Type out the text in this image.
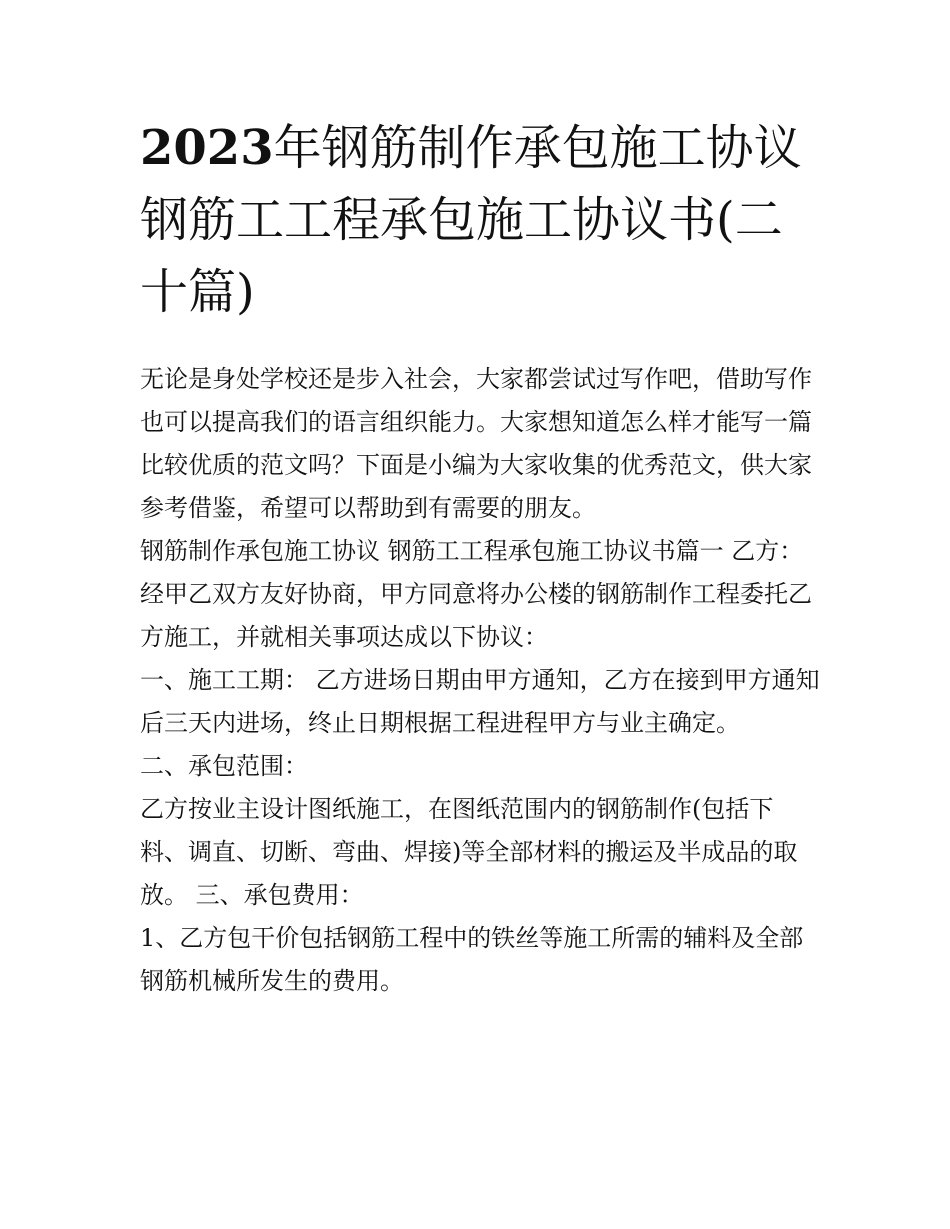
2023年钢筋制作承包施工协议钢筋工工程承包施工协议书(二十篇)

无论是身处学校还是步入社会，大家都尝试过写作吧，借助写作也可以提高我们的语言组织能力。大家想知道怎么样才能写一篇比较优质的范文吗？下面是小编为大家收集的优秀范文，供大家参考借鉴，希望可以帮助到有需要的朋友。

钢筋制作承包施工协议 钢筋工工程承包施工协议书篇一 乙方： 经甲乙双方友好协商，甲方同意将办公楼的钢筋制作工程委托乙方施工，并就相关事项达成以下协议：

一、施工工期： 乙方进场日期由甲方通知，乙方在接到甲方通知后三天内进场，终止日期根据工程进程甲方与业主确定。

二、承包范围：

乙方按业主设计图纸施工，在图纸范围内的钢筋制作(包括下料、调直、切断、弯曲、焊接)等全部材料的搬运及半成品的取放。 三、承包费用：

1、乙方包干价包括钢筋工程中的铁丝等施工所需的辅料及全部钢筋机械所发生的费用。
